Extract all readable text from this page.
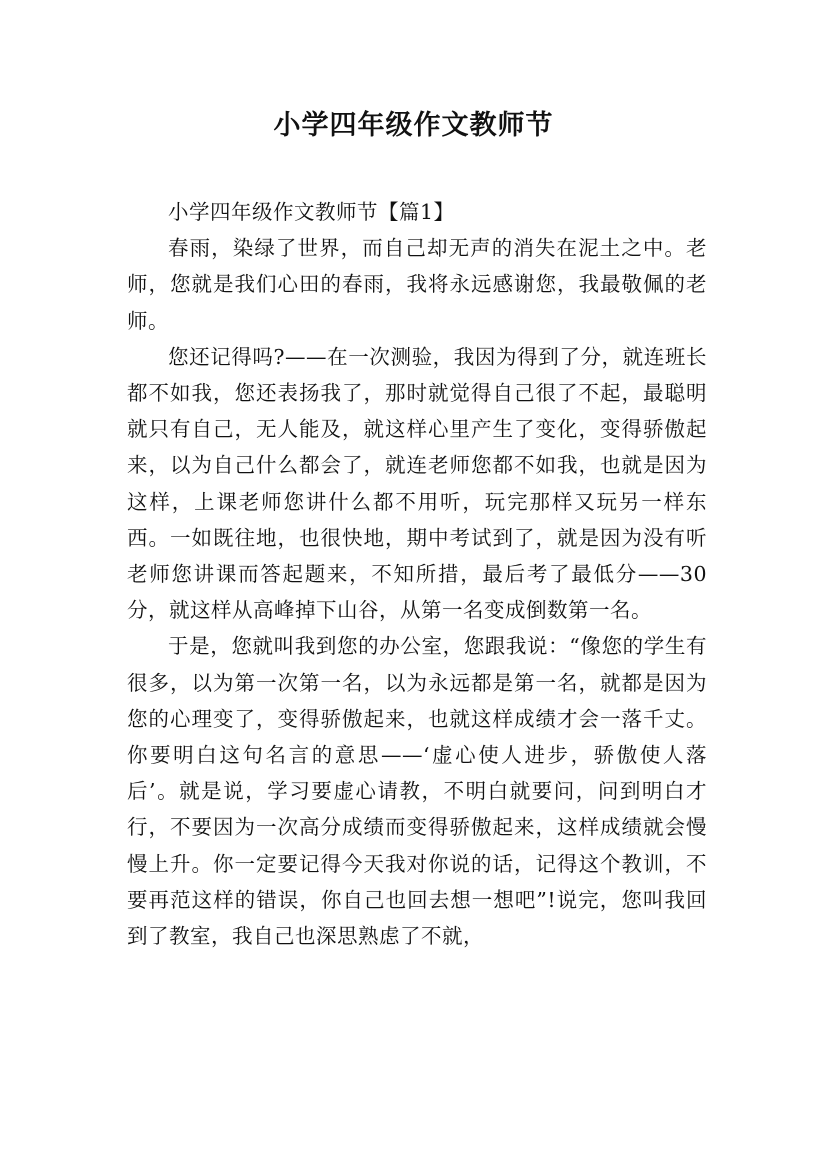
小学四年级作文教师节

小学四年级作文教师节【篇1】

春雨，染绿了世界，而自己却无声的消失在泥土之中。老师，您就是我们心田的春雨，我将永远感谢您，我最敬佩的老师。

您还记得吗?——在一次测验，我因为得到了分，就连班长都不如我，您还表扬我了，那时就觉得自己很了不起，最聪明就只有自己，无人能及，就这样心里产生了变化，变得骄傲起来，以为自己什么都会了，就连老师您都不如我，也就是因为这样，上课老师您讲什么都不用听，玩完那样又玩另一样东西。一如既往地，也很快地，期中考试到了，就是因为没有听老师您讲课而答起题来，不知所措，最后考了最低分——30分，就这样从高峰掉下山谷，从第一名变成倒数第一名。

于是，您就叫我到您的办公室，您跟我说：“像您的学生有很多，以为第一次第一名，以为永远都是第一名，就都是因为您的心理变了，变得骄傲起来，也就这样成绩才会一落千丈。你要明白这句名言的意思——‘虚心使人进步，骄傲使人落后’。就是说，学习要虚心请教，不明白就要问，问到明白才行，不要因为一次高分成绩而变得骄傲起来，这样成绩就会慢慢上升。你一定要记得今天我对你说的话，记得这个教训，不要再范这样的错误，你自己也回去想一想吧”!说完，您叫我回到了教室，我自己也深思熟虑了不就，
